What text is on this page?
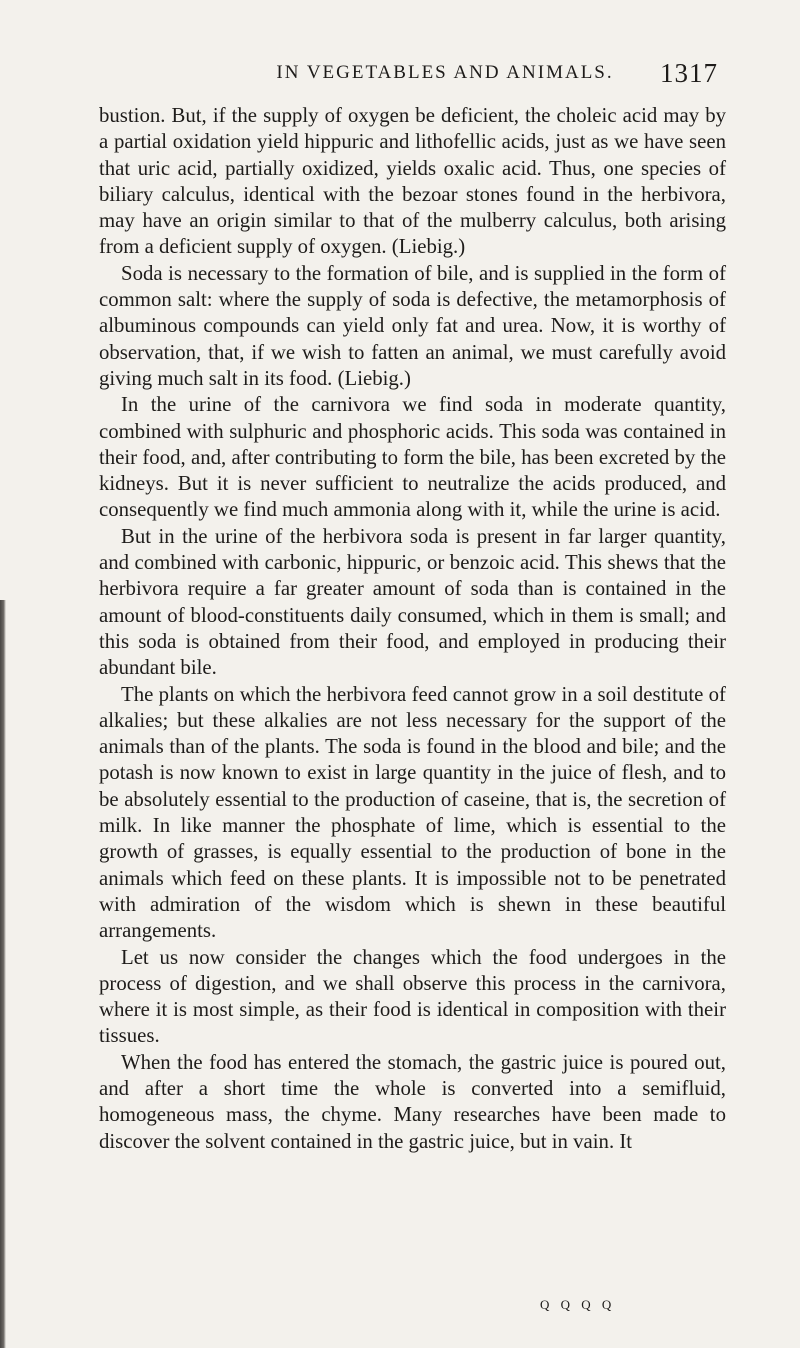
IN VEGETABLES AND ANIMALS.	1317

bustion. But, if the supply of oxygen be deficient, the choleic acid may by a partial oxidation yield hippuric and lithofellic acids, just as we have seen that uric acid, partially oxidized, yields oxalic acid. Thus, one species of biliary calculus, identical with the bezoar stones found in the herbivora, may have an origin similar to that of the mulberry calculus, both arising from a deficient supply of oxygen. (Liebig.)

Soda is necessary to the formation of bile, and is supplied in the form of common salt: where the supply of soda is defective, the metamorphosis of albuminous compounds can yield only fat and urea. Now, it is worthy of observation, that, if we wish to fatten an animal, we must carefully avoid giving much salt in its food. (Liebig.)

In the urine of the carnivora we find soda in moderate quantity, combined with sulphuric and phosphoric acids. This soda was contained in their food, and, after contributing to form the bile, has been excreted by the kidneys. But it is never sufficient to neutralize the acids produced, and consequently we find much ammonia along with it, while the urine is acid.

But in the urine of the herbivora soda is present in far larger quantity, and combined with carbonic, hippuric, or benzoic acid. This shews that the herbivora require a far greater amount of soda than is contained in the amount of blood-constituents daily consumed, which in them is small; and this soda is obtained from their food, and employed in producing their abundant bile.

The plants on which the herbivora feed cannot grow in a soil destitute of alkalies; but these alkalies are not less necessary for the support of the animals than of the plants. The soda is found in the blood and bile; and the potash is now known to exist in large quantity in the juice of flesh, and to be absolutely essential to the production of caseine, that is, the secretion of milk. In like manner the phosphate of lime, which is essential to the growth of grasses, is equally essential to the production of bone in the animals which feed on these plants. It is impossible not to be penetrated with admiration of the wisdom which is shewn in these beautiful arrangements.

Let us now consider the changes which the food undergoes in the process of digestion, and we shall observe this process in the carnivora, where it is most simple, as their food is identical in composition with their tissues.

When the food has entered the stomach, the gastric juice is poured out, and after a short time the whole is converted into a semifluid, homogeneous mass, the chyme. Many researches have been made to discover the solvent contained in the gastric juice, but in vain. It

Q Q Q Q
